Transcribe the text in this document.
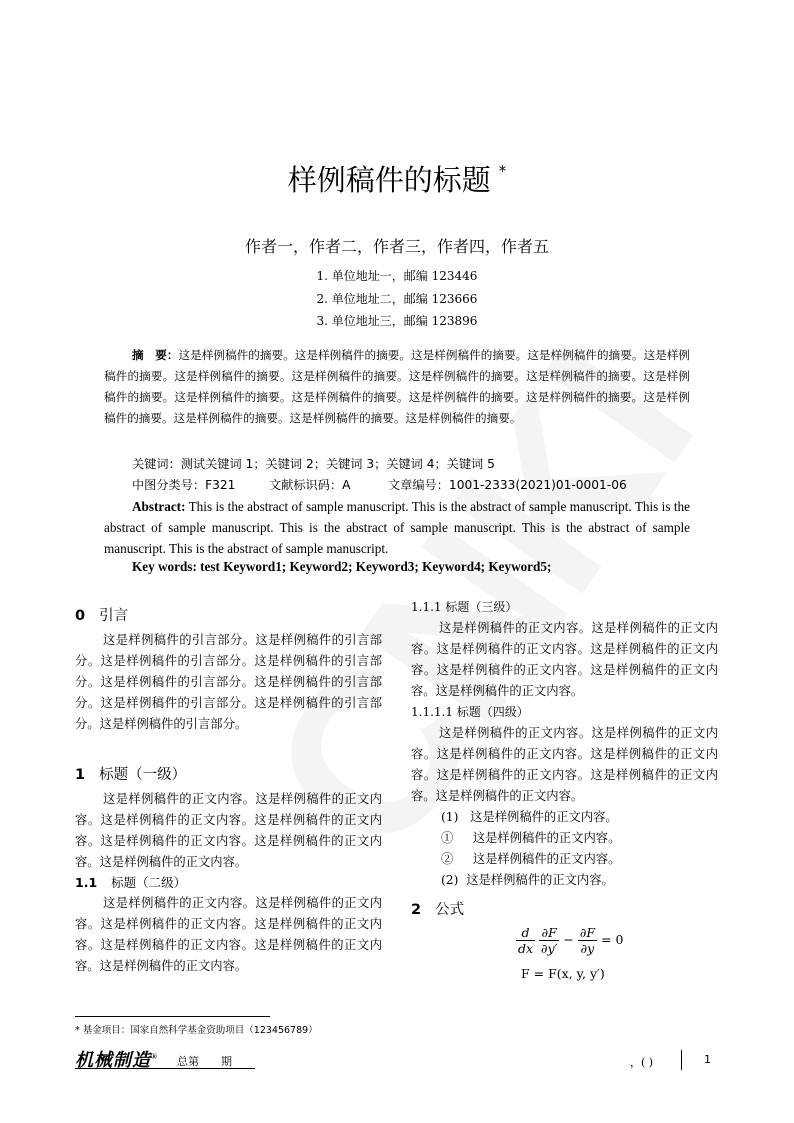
样例稿件的标题 *
作者一，作者二，作者三，作者四，作者五
1. 单位地址一，邮编 123446
2. 单位地址二，邮编 123666
3. 单位地址三，邮编 123896
摘　要：这是样例稿件的摘要。这是样例稿件的摘要。这是样例稿件的摘要。这是样例稿件的摘要。这是样例稿件的摘要。这是样例稿件的摘要。这是样例稿件的摘要。这是样例稿件的摘要。这是样例稿件的摘要。这是样例稿件的摘要。这是样例稿件的摘要。这是样例稿件的摘要。这是样例稿件的摘要。这是样例稿件的摘要。这是样例稿件的摘要。这是样例稿件的摘要。这是样例稿件的摘要。这是样例稿件的摘要。
关键词：测试关键词 1；关键词 2；关键词 3；关键词 4；关键词 5
中图分类号：F321	文献标识码：A	文章编号：1001-2333(2021)01-0001-06
Abstract: This is the abstract of sample manuscript. This is the abstract of sample manuscript. This is the abstract of sample manuscript. This is the abstract of sample manuscript. This is the abstract of sample manuscript. This is the abstract of sample manuscript.
Key words: test Keyword1; Keyword2; Keyword3; Keyword4; Keyword5;
0 引言
这是样例稿件的引言部分。这是样例稿件的引言部分。这是样例稿件的引言部分。这是样例稿件的引言部分。这是样例稿件的引言部分。这是样例稿件的引言部分。这是样例稿件的引言部分。这是样例稿件的引言部分。这是样例稿件的引言部分。
1 标题（一级）
这是样例稿件的正文内容。这是样例稿件的正文内容。这是样例稿件的正文内容。这是样例稿件的正文内容。这是样例稿件的正文内容。这是样例稿件的正文内容。这是样例稿件的正文内容。
1.1 标题（二级）
这是样例稿件的正文内容。这是样例稿件的正文内容。这是样例稿件的正文内容。这是样例稿件的正文内容。这是样例稿件的正文内容。这是样例稿件的正文内容。这是样例稿件的正文内容。
1.1.1 标题（三级）
这是样例稿件的正文内容。这是样例稿件的正文内容。这是样例稿件的正文内容。这是样例稿件的正文内容。这是样例稿件的正文内容。这是样例稿件的正文内容。这是样例稿件的正文内容。
1.1.1.1 标题（四级）
这是样例稿件的正文内容。这是样例稿件的正文内容。这是样例稿件的正文内容。这是样例稿件的正文内容。这是样例稿件的正文内容。这是样例稿件的正文内容。这是样例稿件的正文内容。
(1)   这是样例稿件的正文内容。
①     这是样例稿件的正文内容。
②     这是样例稿件的正文内容。
(2)  这是样例稿件的正文内容。
2 公式
$\frac{d}{dx}$
$\frac{\partial F}{\partial y'} - \frac{\partial F}{\partial y} = 0$
F = F(x, y, y′)
* 基金项目：国家自然科学基金资助项目（123456789）
机械制造® 总第　　期	，( )	1
